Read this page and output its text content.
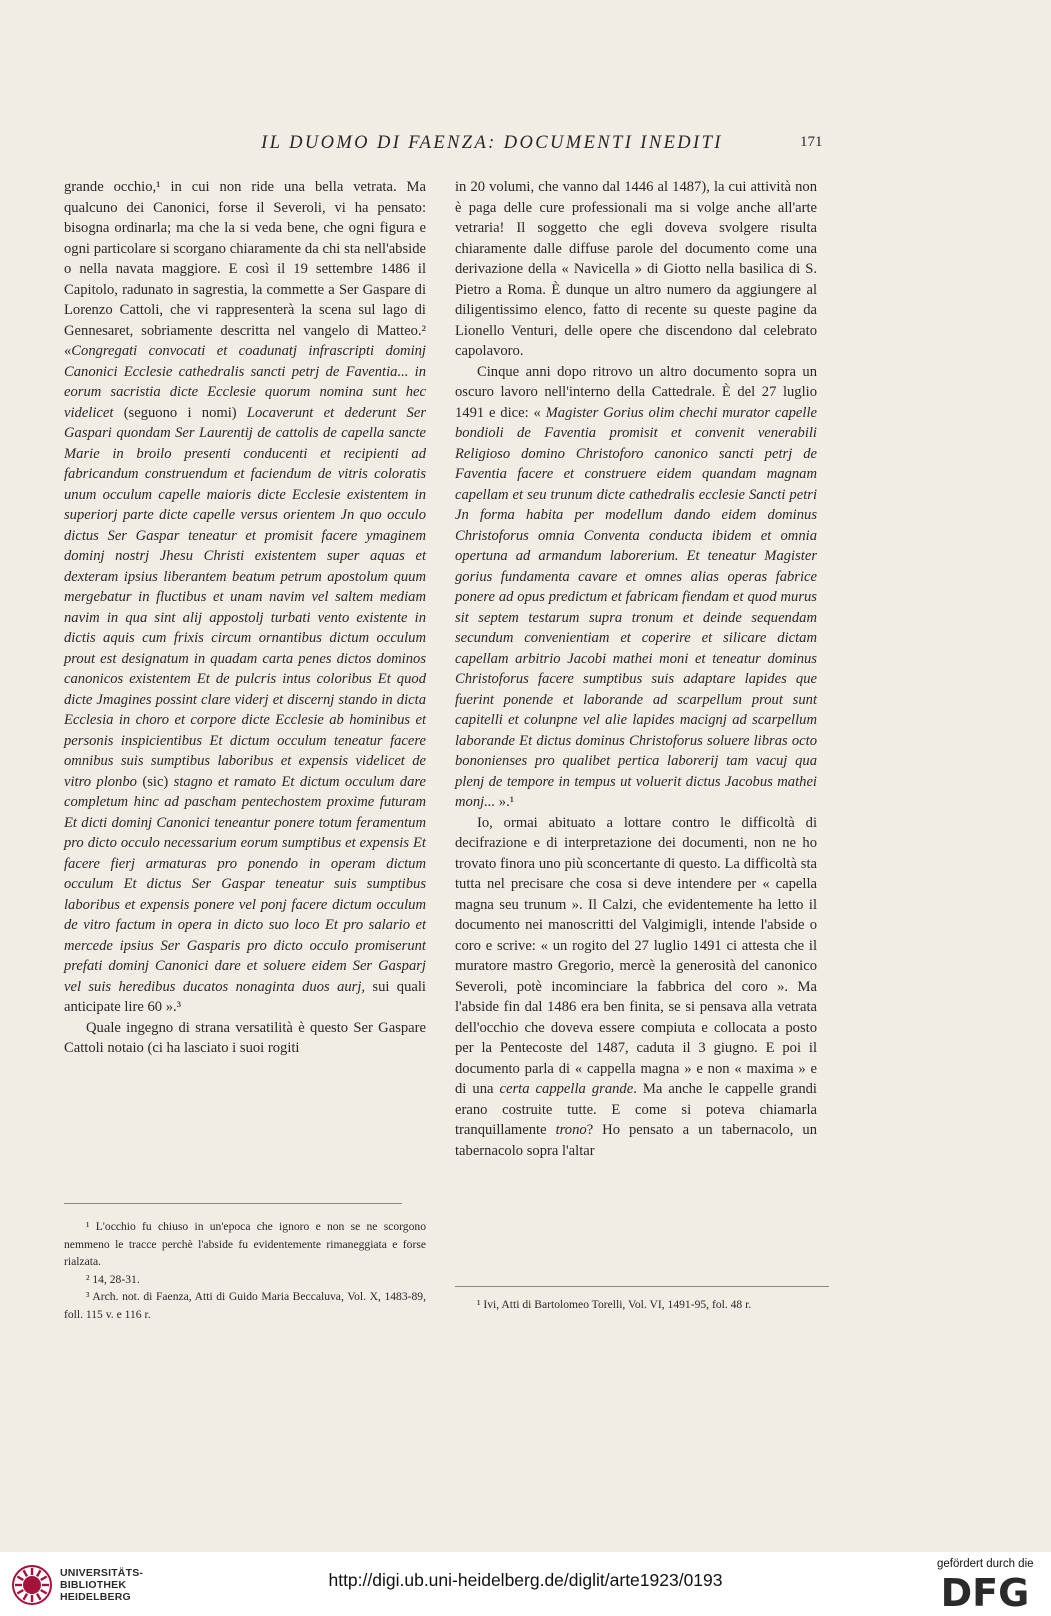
IL DUOMO DI FAENZA: DOCUMENTI INEDITI	171

grande occhio,¹ in cui non ride una bella vetrata. Ma qualcuno dei Canonici, forse il Severoli, vi ha pensato: bisogna ordinarla; ma che la si veda bene, che ogni figura e ogni particolare si scorgano chiaramente da chi sta nell'abside o nella navata maggiore. E così il 19 settembre 1486 il Capitolo, radunato in sagrestia, la commette a Ser Gaspare di Lorenzo Cattoli, che vi rappresenterà la scena sul lago di Gennesaret, sobriamente descritta nel vangelo di Matteo.² «Congregati convocati et coadunatj infrascripti dominj Canonici Ecclesie cathedralis sancti petrj de Faventia... in eorum sacristia dicte Ecclesie quorum nomina sunt hec videlicet (seguono i nomi) Locaverunt et dederunt Ser Gaspari quondam Ser Laurentij de cattolis de capella sancte Marie in broilo presenti conducenti et recipienti ad fabricandum construendum et faciendum de vitris coloratis unum occulum capelle maioris dicte Ecclesie existentem in superiorj parte dicte capelle versus orientem Jn quo occulo dictus Ser Gaspar teneatur et promisit facere ymaginem dominj nostrj Jhesu Christi existentem super aquas et dexteram ipsius liberantem beatum petrum apostolum quum mergebatur in fluctibus et unam navim vel saltem mediam navim in qua sint alij appostolj turbati vento existente in dictis aquis cum frixis circum ornantibus dictum occulum prout est designatum in quadam carta penes dictos dominos canonicos existentem Et de pulcris intus coloribus Et quod dicte Jmagines possint clare viderj et discernj stando in dicta Ecclesia in choro et corpore dicte Ecclesie ab hominibus et personis inspicientibus Et dictum occulum teneatur facere omnibus suis sumptibus laboribus et expensis videlicet de vitro plonbo (sic) stagno et ramato Et dictum occulum dare completum hinc ad pascham pentechostem proxime futuram Et dicti dominj Canonici teneantur ponere totum feramentum pro dicto occulo necessarium eorum sumptibus et expensis Et facere fierj armaturas pro ponendo in operam dictum occulum Et dictus Ser Gaspar teneatur suis sumptibus laboribus et expensis ponere vel ponj facere dictum occulum de vitro factum in opera in dicto suo loco Et pro salario et mercede ipsius Ser Gasparis pro dicto occulo promiserunt prefati dominj Canonici dare et soluere eidem Ser Gasparj vel suis heredibus ducatos nonaginta duos aurj, sui quali anticipate lire 60 ».³

Quale ingegno di strana versatilità è questo Ser Gaspare Cattoli notaio (ci ha lasciato i suoi rogiti

¹ L'occhio fu chiuso in un'epoca che ignoro e non se ne scorgono nemmeno le tracce perchè l'abside fu evidentemente rimaneggiata e forse rialzata.

² 14, 28-31.

³ Arch. not. di Faenza, Atti di Guido Maria Beccaluva, Vol. X, 1483-89, foll. 115 v. e 116 r.

in 20 volumi, che vanno dal 1446 al 1487), la cui attività non è paga delle cure professionali ma si volge anche all'arte vetraria! Il soggetto che egli doveva svolgere risulta chiaramente dalle diffuse parole del documento come una derivazione della « Navicella » di Giotto nella basilica di S. Pietro a Roma. È dunque un altro numero da aggiungere al diligentissimo elenco, fatto di recente su queste pagine da Lionello Venturi, delle opere che discendono dal celebrato capolavoro.

Cinque anni dopo ritrovo un altro documento sopra un oscuro lavoro nell'interno della Cattedrale. È del 27 luglio 1491 e dice: « Magister Gorius olim chechi murator capelle bondioli de Faventia promisit et convenit venerabili Religioso domino Christoforo canonico sancti petrj de Faventia facere et construere eidem quandam magnam capellam et seu trunum dicte cathedralis ecclesie Sancti petri Jn forma habita per modellum dando eidem dominus Christoforus omnia Conventa conducta ibidem et omnia opertuna ad armandum laborerium. Et teneatur Magister gorius fundamenta cavare et omnes alias operas fabrice ponere ad opus predictum et fabricam fiendam et quod murus sit septem testarum supra tronum et deinde sequendam secundum convenientiam et coperire et silicare dictam capellam arbitrio Jacobi mathei moni et teneatur dominus Christoforus facere sumptibus suis adaptare lapides que fuerint ponende et laborande ad scarpellum prout sunt capitelli et colunpne vel alie lapides macignj ad scarpellum laborande Et dictus dominus Christoforus soluere libras octo bononienses pro qualibet pertica laborerij tam vacuj qua plenj de tempore in tempus ut voluerit dictus Jacobus mathei monj... ».¹

Io, ormai abituato a lottare contro le difficoltà di decifrazione e di interpretazione dei documenti, non ne ho trovato finora uno più sconcertante di questo. La difficoltà sta tutta nel precisare che cosa si deve intendere per « capella magna seu trunum ». Il Calzi, che evidentemente ha letto il documento nei manoscritti del Valgimigli, intende l'abside o coro e scrive: « un rogito del 27 luglio 1491 ci attesta che il muratore mastro Gregorio, mercè la generosità del canonico Severoli, potè incominciare la fabbrica del coro ». Ma l'abside fin dal 1486 era ben finita, se si pensava alla vetrata dell'occhio che doveva essere compiuta e collocata a posto per la Pentecoste del 1487, caduta il 3 giugno. E poi il documento parla di « cappella magna » e non « maxima » e di una certa cappella grande. Ma anche le cappelle grandi erano costruite tutte. E come si poteva chiamarla tranquillamente trono? Ho pensato a un tabernacolo, un tabernacolo sopra l'altar

¹ Ivi, Atti di Bartolomeo Torelli, Vol. VI, 1491-95, fol. 48 r.

UNIVERSITÄTS-
BIBLIOTHEK
HEIDELBERG
http://digi.ub.uni-heidelberg.de/diglit/arte1923/0193
gefördert durch die
DFG
